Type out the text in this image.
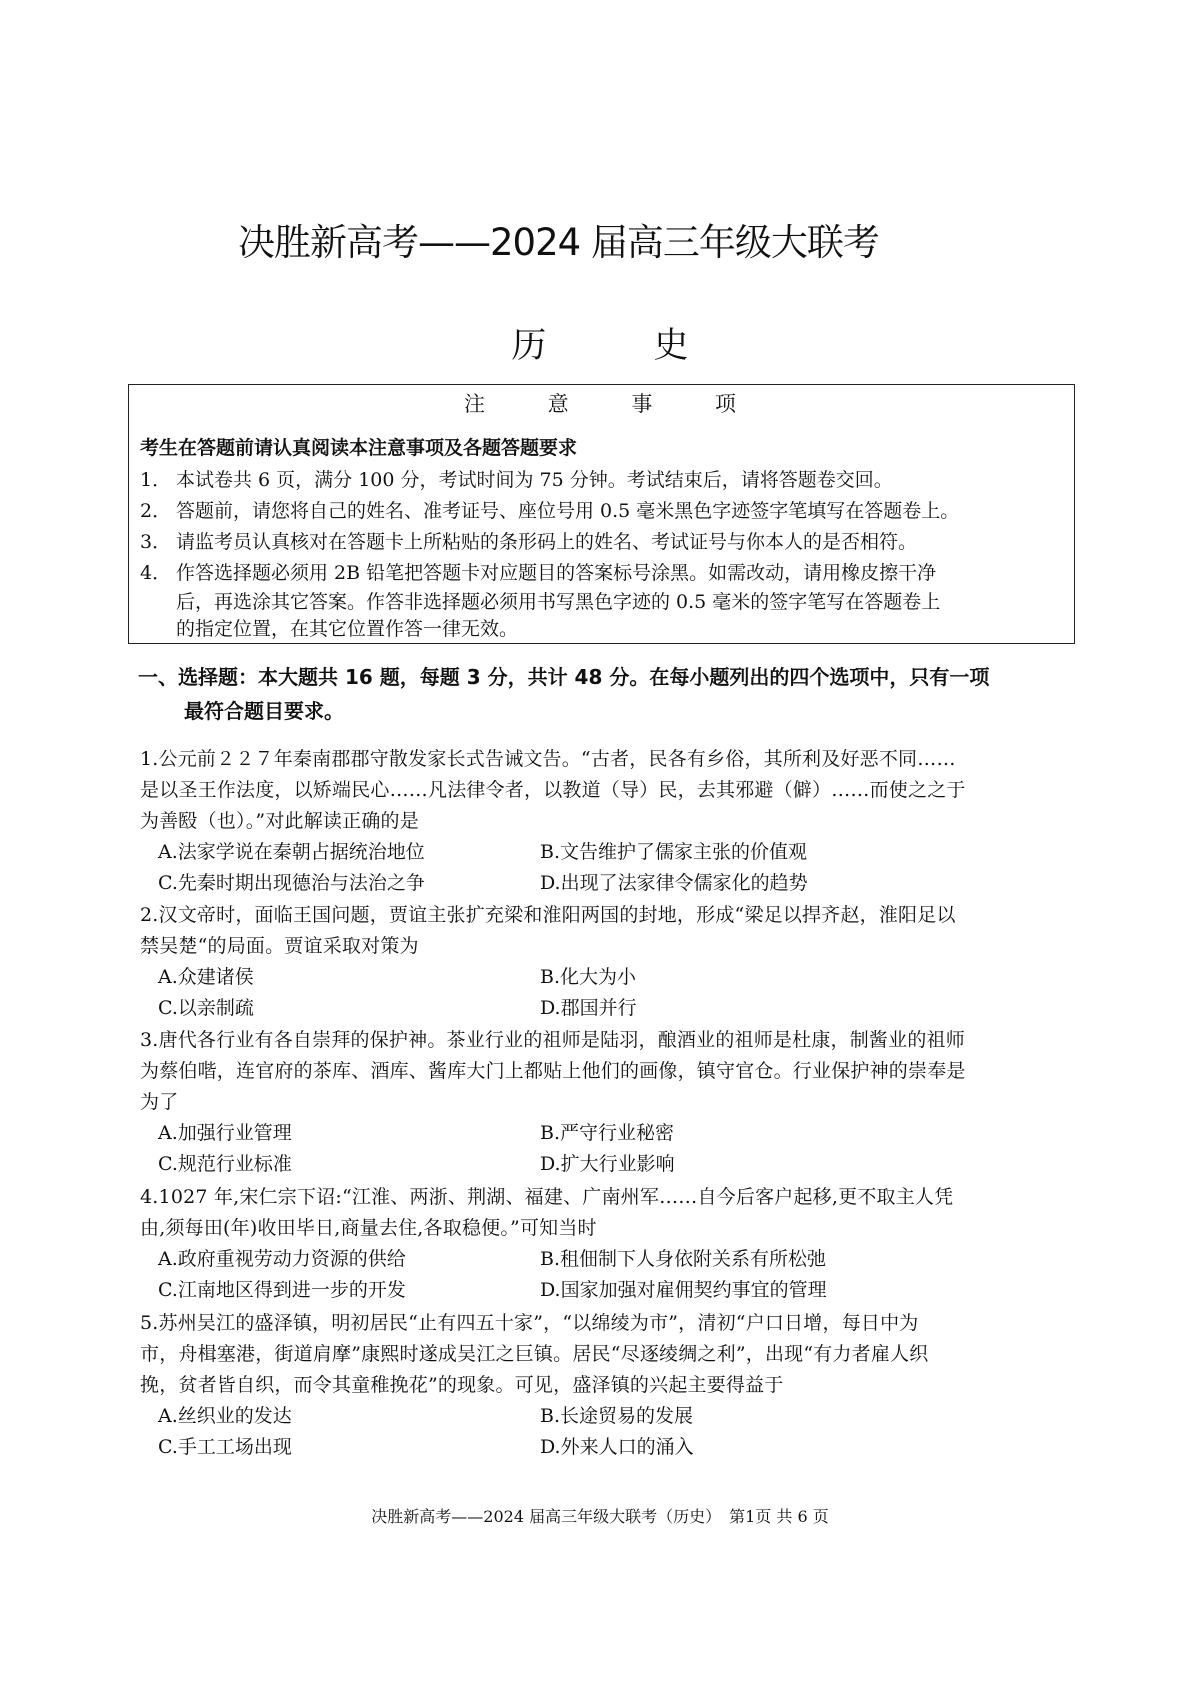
决胜新高考——2024 届高三年级大联考
历 史
注 意 事 项
考生在答题前请认真阅读本注意事项及各题答题要求
1． 本试卷共 6 页，满分 100 分，考试时间为 75 分钟。考试结束后，请将答题卷交回。
2． 答题前，请您将自己的姓名、准考证号、座位号用 0.5 毫米黑色字迹签字笔填写在答题卷上。
3． 请监考员认真核对在答题卡上所粘贴的条形码上的姓名、考试证号与你本人的是否相符。
4． 作答选择题必须用 2B 铅笔把答题卡对应题目的答案标号涂黑。如需改动，请用橡皮擦干净
后，再选涂其它答案。作答非选择题必须用书写黑色字迹的 0.5 毫米的签字笔写在答题卷上
的指定位置，在其它位置作答一律无效。
一、选择题：本大题共 16 题，每题 3 分，共计 48 分。在每小题列出的四个选项中，只有一项
最符合题目要求。
1.公元前２２７年秦南郡郡守散发家长式告诫文告。“古者，民各有乡俗，其所利及好恶不同……
是以圣王作法度，以矫端民心……凡法律令者，以教道（导）民，去其邪避（僻）……而使之之于
为善殹（也）。”对此解读正确的是
A.法家学说在秦朝占据统治地位	B.文告维护了儒家主张的价值观
C.先秦时期出现德治与法治之争	D.出现了法家律令儒家化的趋势
2.汉文帝时，面临王国问题，贾谊主张扩充梁和淮阳两国的封地，形成“梁足以捍齐赵，淮阳足以
禁吴楚“的局面。贾谊采取对策为
A.众建诸侯	B.化大为小
C.以亲制疏	D.郡国并行
3.唐代各行业有各自崇拜的保护神。茶业行业的祖师是陆羽，酿酒业的祖师是杜康，制酱业的祖师
为蔡伯喈，连官府的茶库、酒库、酱库大门上都贴上他们的画像，镇守官仓。行业保护神的崇奉是
为了
A.加强行业管理	B.严守行业秘密
C.规范行业标准	D.扩大行业影响
4.1027 年,宋仁宗下诏:“江淮、两浙、荆湖、福建、广南州军……自今后客户起移,更不取主人凭
由,须每田(年)收田毕日,商量去住,各取稳便。”可知当时
A.政府重视劳动力资源的供给	B.租佃制下人身依附关系有所松弛
C.江南地区得到进一步的开发	D.国家加强对雇佣契约事宜的管理
5.苏州吴江的盛泽镇，明初居民“止有四五十家”，“以绵绫为市”，清初“户口日增，每日中为
市，舟楫塞港，街道肩摩”康熙时遂成吴江之巨镇。居民“尽逐绫绸之利”，出现“有力者雇人织
挽，贫者皆自织，而令其童稚挽花”的现象。可见，盛泽镇的兴起主要得益于
A.丝织业的发达	B.长途贸易的发展
C.手工工场出现	D.外来人口的涌入
决胜新高考——2024 届高三年级大联考（历史）　第1页 共 6 页
